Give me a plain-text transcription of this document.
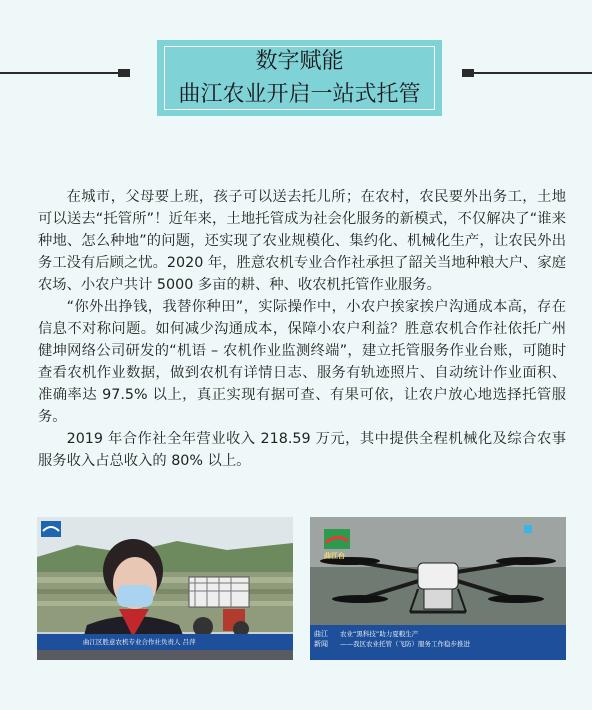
数字赋能
曲江农业开启一站式托管

在城市，父母要上班，孩子可以送去托儿所；在农村，农民要外出务工，土地可以送去“托管所”！近年来，土地托管成为社会化服务的新模式，不仅解决了“谁来种地、怎么种地”的问题，还实现了农业规模化、集约化、机械化生产，让农民外出务工没有后顾之忧。2020 年，胜意农机专业合作社承担了韶关当地种粮大户、家庭农场、小农户共计 5000 多亩的耕、种、收农机托管作业服务。

“你外出挣钱，我替你种田”，实际操作中，小农户挨家挨户沟通成本高，存在信息不对称问题。如何减少沟通成本，保障小农户利益？胜意农机合作社依托广州健坤网络公司研发的“机语 – 农机作业监测终端”，建立托管服务作业台账，可随时查看农机作业数据，做到农机有详情日志、服务有轨迹照片、自动统计作业面积、准确率达 97.5% 以上，真正实现有据可查、有果可依，让农户放心地选择托管服务。

2019 年合作社全年营业收入 218.59 万元，其中提供全程机械化及综合农事服务收入占总收入的 80% 以上。

曲江区胜意农机专业合作社负责人 吕萍
曲江台
曲江
新闻
农业“黑科技”助力夏粮生产
——我区农业托管（飞防）服务工作稳步推进
